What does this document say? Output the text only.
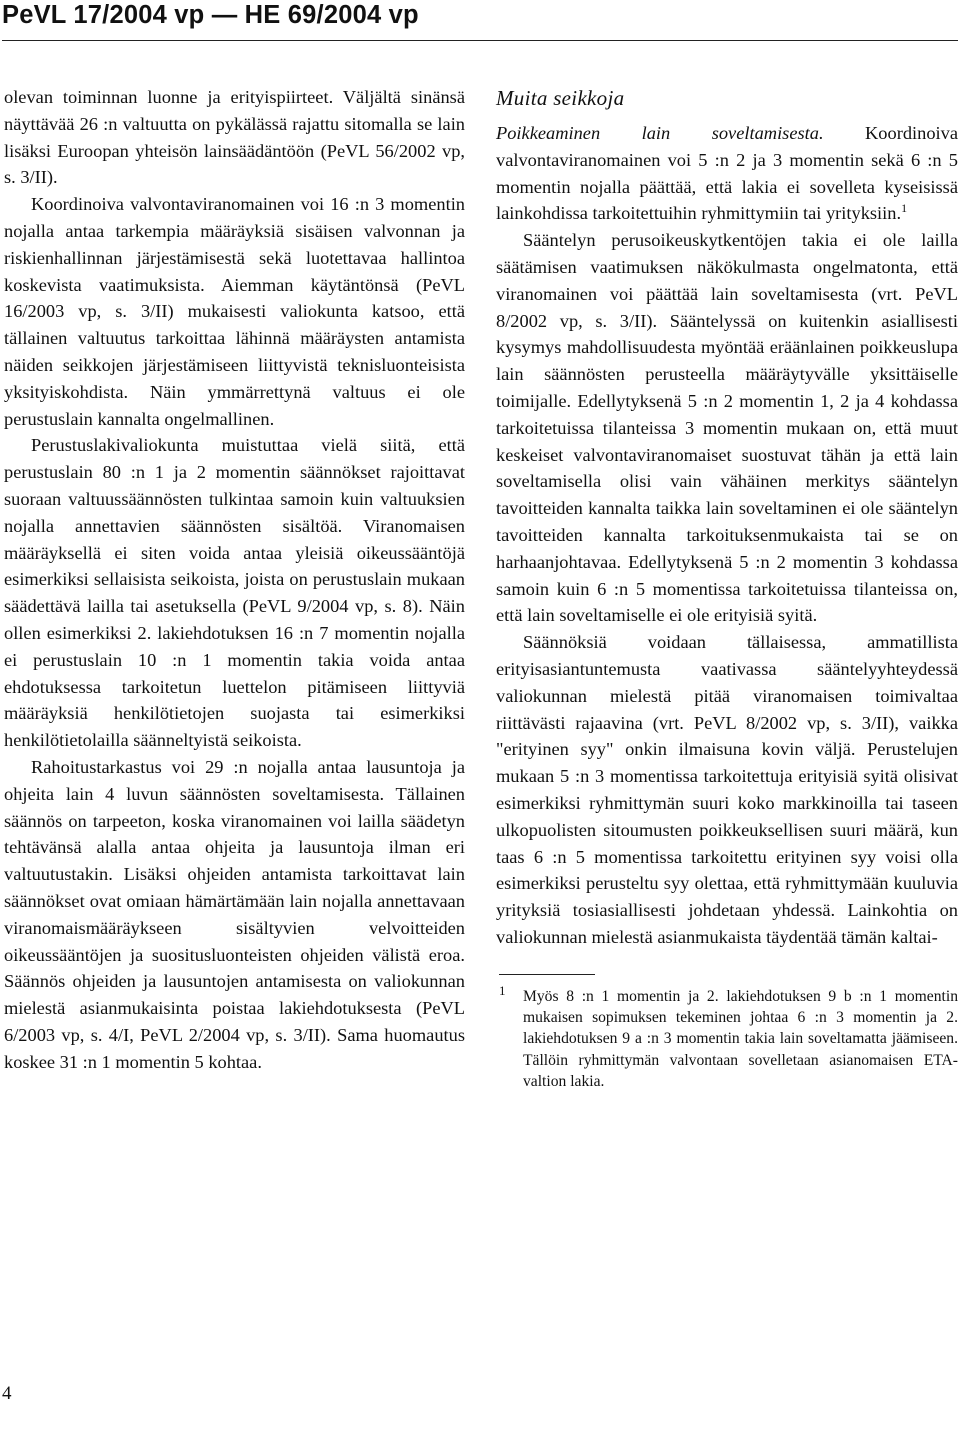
PeVL 17/2004 vp — HE 69/2004 vp

olevan toiminnan luonne ja erityispiirteet. Väljältä sinänsä näyttävää 26 :n valtuutta on pykälässä rajattu sitomalla se lain lisäksi Euroopan yhteisön lainsäädäntöön (PeVL 56/2002 vp, s. 3/II).

Koordinoiva valvontaviranomainen voi 16 :n 3 momentin nojalla antaa tarkempia määräyksiä sisäisen valvonnan ja riskienhallinnan järjestämisestä sekä luotettavaa hallintoa koskevista vaatimuksista. Aiemman käytäntönsä (PeVL 16/2003 vp, s. 3/II) mukaisesti valiokunta katsoo, että tällainen valtuutus tarkoittaa lähinnä määräysten antamista näiden seikkojen järjestämiseen liittyvistä teknisluonteisista yksityiskohdista. Näin ymmärrettynä valtuus ei ole perustuslain kannalta ongelmallinen.

Perustuslakivaliokunta muistuttaa vielä siitä, että perustuslain 80 :n 1 ja 2 momentin säännökset rajoittavat suoraan valtuussäännösten tulkintaa samoin kuin valtuuksien nojalla annettavien säännösten sisältöä. Viranomaisen määräyksellä ei siten voida antaa yleisiä oikeussääntöjä esimerkiksi sellaisista seikoista, joista on perustuslain mukaan säädettävä lailla tai asetuksella (PeVL 9/2004 vp, s. 8). Näin ollen esimerkiksi 2. lakiehdotuksen 16 :n 7 momentin nojalla ei perustuslain 10 :n 1 momentin takia voida antaa ehdotuksessa tarkoitetun luettelon pitämiseen liittyviä määräyksiä henkilötietojen suojasta tai esimerkiksi henkilötietolailla säänneltyistä seikoista.

Rahoitustarkastus voi 29 :n nojalla antaa lausuntoja ja ohjeita lain 4 luvun säännösten soveltamisesta. Tällainen säännös on tarpeeton, koska viranomainen voi lailla säädetyn tehtävänsä alalla antaa ohjeita ja lausuntoja ilman eri valtuutustakin. Lisäksi ohjeiden antamista tarkoittavat lain säännökset ovat omiaan hämärtämään lain nojalla annettavaan viranomaismääräykseen sisältyvien velvoitteiden oikeussääntöjen ja suositusluonteisten ohjeiden välistä eroa. Säännös ohjeiden ja lausuntojen antamisesta on valiokunnan mielestä asianmukaisinta poistaa lakiehdotuksesta (PeVL 6/2003 vp, s. 4/I, PeVL 2/2004 vp, s. 3/II). Sama huomautus koskee 31 :n 1 momentin 5 kohtaa.

Muita seikkoja

Poikkeaminen lain soveltamisesta. Koordinoiva valvontaviranomainen voi 5 :n 2 ja 3 momentin sekä 6 :n 5 momentin nojalla päättää, että lakia ei sovelleta kyseisissä lainkohdissa tarkoitettuihin ryhmittymiin tai yrityksiin.$^1$

Sääntelyn perusoikeuskytkentöjen takia ei ole lailla säätämisen vaatimuksen näkökulmasta ongelmatonta, että viranomainen voi päättää lain soveltamisesta (vrt. PeVL 8/2002 vp, s. 3/II). Sääntelyssä on kuitenkin asiallisesti kysymys mahdollisuudesta myöntää eräänlainen poikkeuslupa lain säännösten perusteella määräytyvälle yksittäiselle toimijalle. Edellytyksenä 5 :n 2 momentin 1, 2 ja 4 kohdassa tarkoitetuissa tilanteissa 3 momentin mukaan on, että muut keskeiset valvontaviranomaiset suostuvat tähän ja että lain soveltamisella olisi vain vähäinen merkitys sääntelyn tavoitteiden kannalta taikka lain soveltaminen ei ole sääntelyn tavoitteiden kannalta tarkoituksenmukaista tai se on harhaanjohtavaa. Edellytyksenä 5 :n 2 momentin 3 kohdassa samoin kuin 6 :n 5 momentissa tarkoitetuissa tilanteissa on, että lain soveltamiselle ei ole erityisiä syitä.

Säännöksiä voidaan tällaisessa, ammatillista erityisasiantuntemusta vaativassa sääntelyyhteydessä valiokunnan mielestä pitää viranomaisen toimivaltaa riittävästi rajaavina (vrt. PeVL 8/2002 vp, s. 3/II), vaikka "erityinen syy" onkin ilmaisuna kovin väljä. Perustelujen mukaan 5 :n 3 momentissa tarkoitettuja erityisiä syitä olisivat esimerkiksi ryhmittymän suuri koko markkinoilla tai taseen ulkopuolisten sitoumusten poikkeuksellisen suuri määrä, kun taas 6 :n 5 momentissa tarkoitettu erityinen syy voisi olla esimerkiksi perusteltu syy olettaa, että ryhmittymään kuuluvia yrityksiä tosiasiallisesti johdetaan yhdessä. Lainkohtia on valiokunnan mielestä asianmukaista täydentää tämän kaltai-

1 Myös 8 :n 1 momentin ja 2. lakiehdotuksen 9 b :n 1 momentin mukaisen sopimuksen tekeminen johtaa 6 :n 3 momentin ja 2. lakiehdotuksen 9 a :n 3 momentin takia lain soveltamatta jäämiseen. Tällöin ryhmittymän valvontaan sovelletaan asianomaisen ETA-valtion lakia.
4
